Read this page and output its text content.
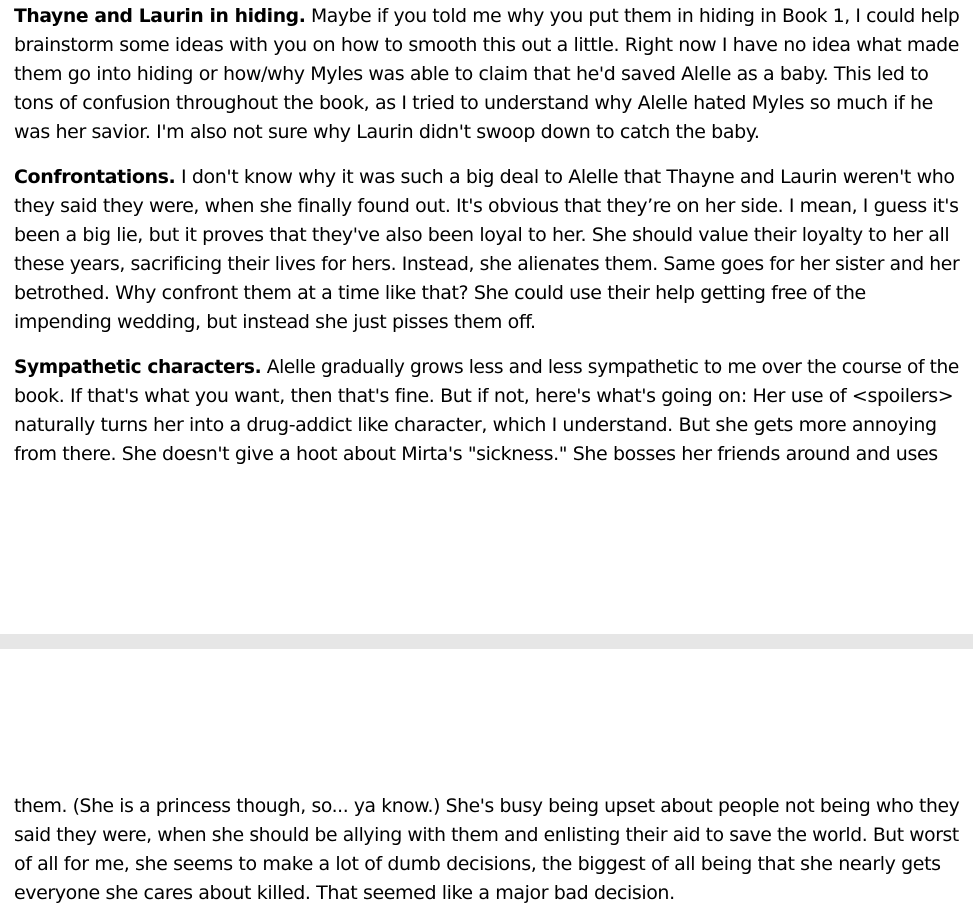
Thayne and Laurin in hiding. Maybe if you told me why you put them in hiding in Book 1, I could help
brainstorm some ideas with you on how to smooth this out a little. Right now I have no idea what made
them go into hiding or how/why Myles was able to claim that he'd saved Alelle as a baby. This led to
tons of confusion throughout the book, as I tried to understand why Alelle hated Myles so much if he
was her savior. I'm also not sure why Laurin didn't swoop down to catch the baby.
Confrontations. I don't know why it was such a big deal to Alelle that Thayne and Laurin weren't who
they said they were, when she finally found out. It's obvious that they’re on her side. I mean, I guess it's
been a big lie, but it proves that they've also been loyal to her. She should value their loyalty to her all
these years, sacrificing their lives for hers. Instead, she alienates them. Same goes for her sister and her
betrothed. Why confront them at a time like that? She could use their help getting free of the
impending wedding, but instead she just pisses them off.
Sympathetic characters. Alelle gradually grows less and less sympathetic to me over the course of the
book. If that's what you want, then that's fine. But if not, here's what's going on: Her use of <spoilers>
naturally turns her into a drug-addict like character, which I understand. But she gets more annoying
from there. She doesn't give a hoot about Mirta's "sickness." She bosses her friends around and uses
them. (She is a princess though, so... ya know.) She's busy being upset about people not being who they
said they were, when she should be allying with them and enlisting their aid to save the world. But worst
of all for me, she seems to make a lot of dumb decisions, the biggest of all being that she nearly gets
everyone she cares about killed. That seemed like a major bad decision.
